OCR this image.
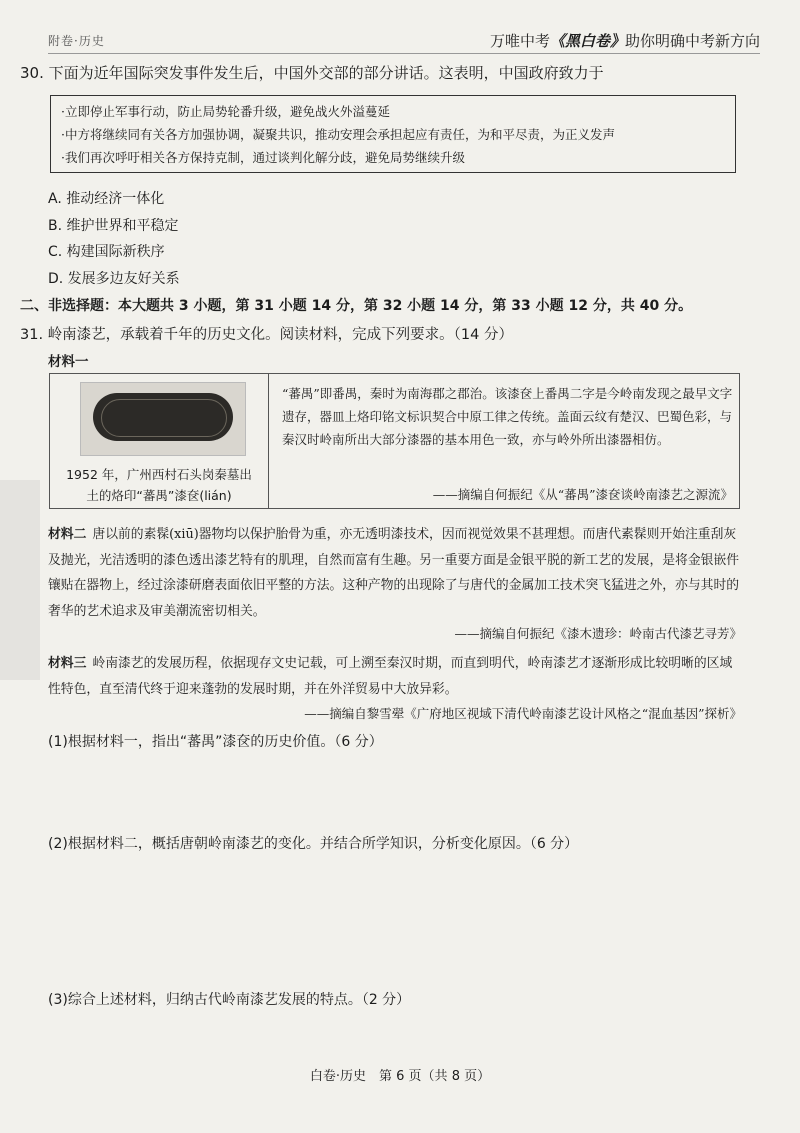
附卷·历史	万唯中考《黑白卷》助你明确中考新方向
30. 下面为近年国际突发事件发生后，中国外交部的部分讲话。这表明，中国政府致力于
·立即停止军事行动，防止局势轮番升级，避免战火外溢蔓延
·中方将继续同有关各方加强协调，凝聚共识，推动安理会承担起应有责任，为和平尽责，为正义发声
·我们再次呼吁相关各方保持克制，通过谈判化解分歧，避免局势继续升级
A. 推动经济一体化
B. 维护世界和平稳定
C. 构建国际新秩序
D. 发展多边友好关系
二、非选择题：本大题共 3 小题，第 31 小题 14 分，第 32 小题 14 分，第 33 小题 12 分，共 40 分。
31. 岭南漆艺，承载着千年的历史文化。阅读材料，完成下列要求。（14 分）
材料一
1952 年，广州西村石头岗秦墓出
土的烙印“蕃禺”漆奁(lián)
“蕃禺”即番禺，秦时为南海郡之郡治。该漆奁上番禺二字是今岭南发现之最早文字遗存，器皿上烙印铭文标识契合中原工律之传统。盖面云纹有楚汉、巴蜀色彩，与秦汉时岭南所出大部分漆器的基本用色一致，亦与岭外所出漆器相仿。
——摘编自何振纪《从“蕃禺”漆奁谈岭南漆艺之源流》
材料二 唐以前的素髹(xiū)器物均以保护胎骨为重，亦无透明漆技术，因而视觉效果不甚理想。而唐代素髹则开始注重刮灰及抛光，光洁透明的漆色透出漆艺特有的肌理，自然而富有生趣。另一重要方面是金银平脱的新工艺的发展，是将金银嵌件镶贴在器物上，经过涂漆研磨表面依旧平整的方法。这种产物的出现除了与唐代的金属加工技术突飞猛进之外，亦与其时的奢华的艺术追求及审美潮流密切相关。
——摘编自何振纪《漆木遗珍：岭南古代漆艺寻芳》
材料三 岭南漆艺的发展历程，依据现存文史记载，可上溯至秦汉时期，而直到明代，岭南漆艺才逐渐形成比较明晰的区域性特色，直至清代终于迎来蓬勃的发展时期，并在外洋贸易中大放异彩。
——摘编自黎雪翚《广府地区视域下清代岭南漆艺设计风格之“混血基因”探析》
(1)根据材料一，指出“蕃禺”漆奁的历史价值。（6 分）
(2)根据材料二，概括唐朝岭南漆艺的变化。并结合所学知识，分析变化原因。（6 分）
(3)综合上述材料，归纳古代岭南漆艺发展的特点。（2 分）
白卷·历史　第 6 页（共 8 页）
